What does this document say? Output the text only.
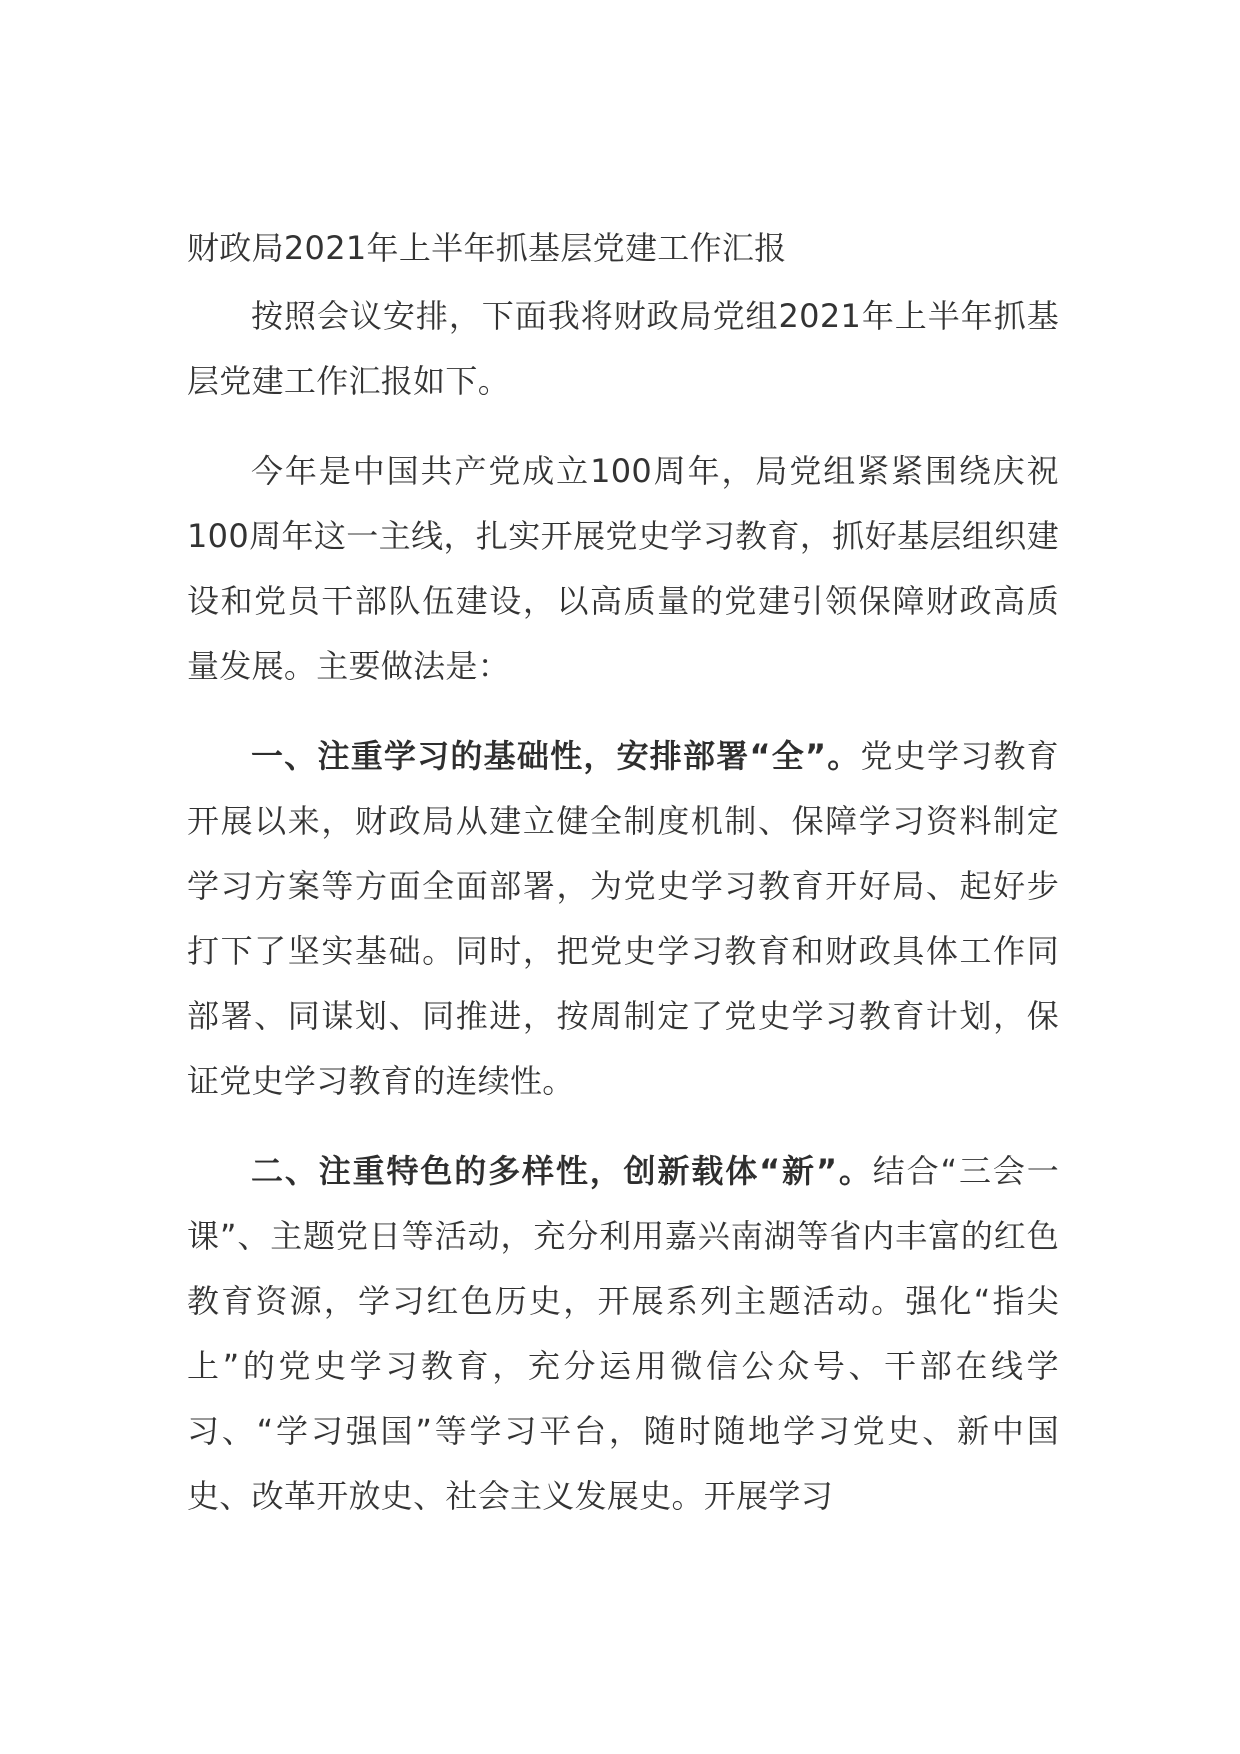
财政局2021年上半年抓基层党建工作汇报

按照会议安排，下面我将财政局党组2021年上半年抓基层党建工作汇报如下。

今年是中国共产党成立100周年，局党组紧紧围绕庆祝100周年这一主线，扎实开展党史学习教育，抓好基层组织建设和党员干部队伍建设，以高质量的党建引领保障财政高质量发展。主要做法是：

一、注重学习的基础性，安排部署“全”。党史学习教育开展以来，财政局从建立健全制度机制、保障学习资料制定学习方案等方面全面部署，为党史学习教育开好局、起好步打下了坚实基础。同时，把党史学习教育和财政具体工作同部署、同谋划、同推进，按周制定了党史学习教育计划，保证党史学习教育的连续性。

二、注重特色的多样性，创新载体“新”。结合“三会一课”、主题党日等活动，充分利用嘉兴南湖等省内丰富的红色教育资源，学习红色历史，开展系列主题活动。强化“指尖上”的党史学习教育，充分运用微信公众号、干部在线学习、“学习强国”等学习平台，随时随地学习党史、新中国史、改革开放史、社会主义发展史。开展学习
